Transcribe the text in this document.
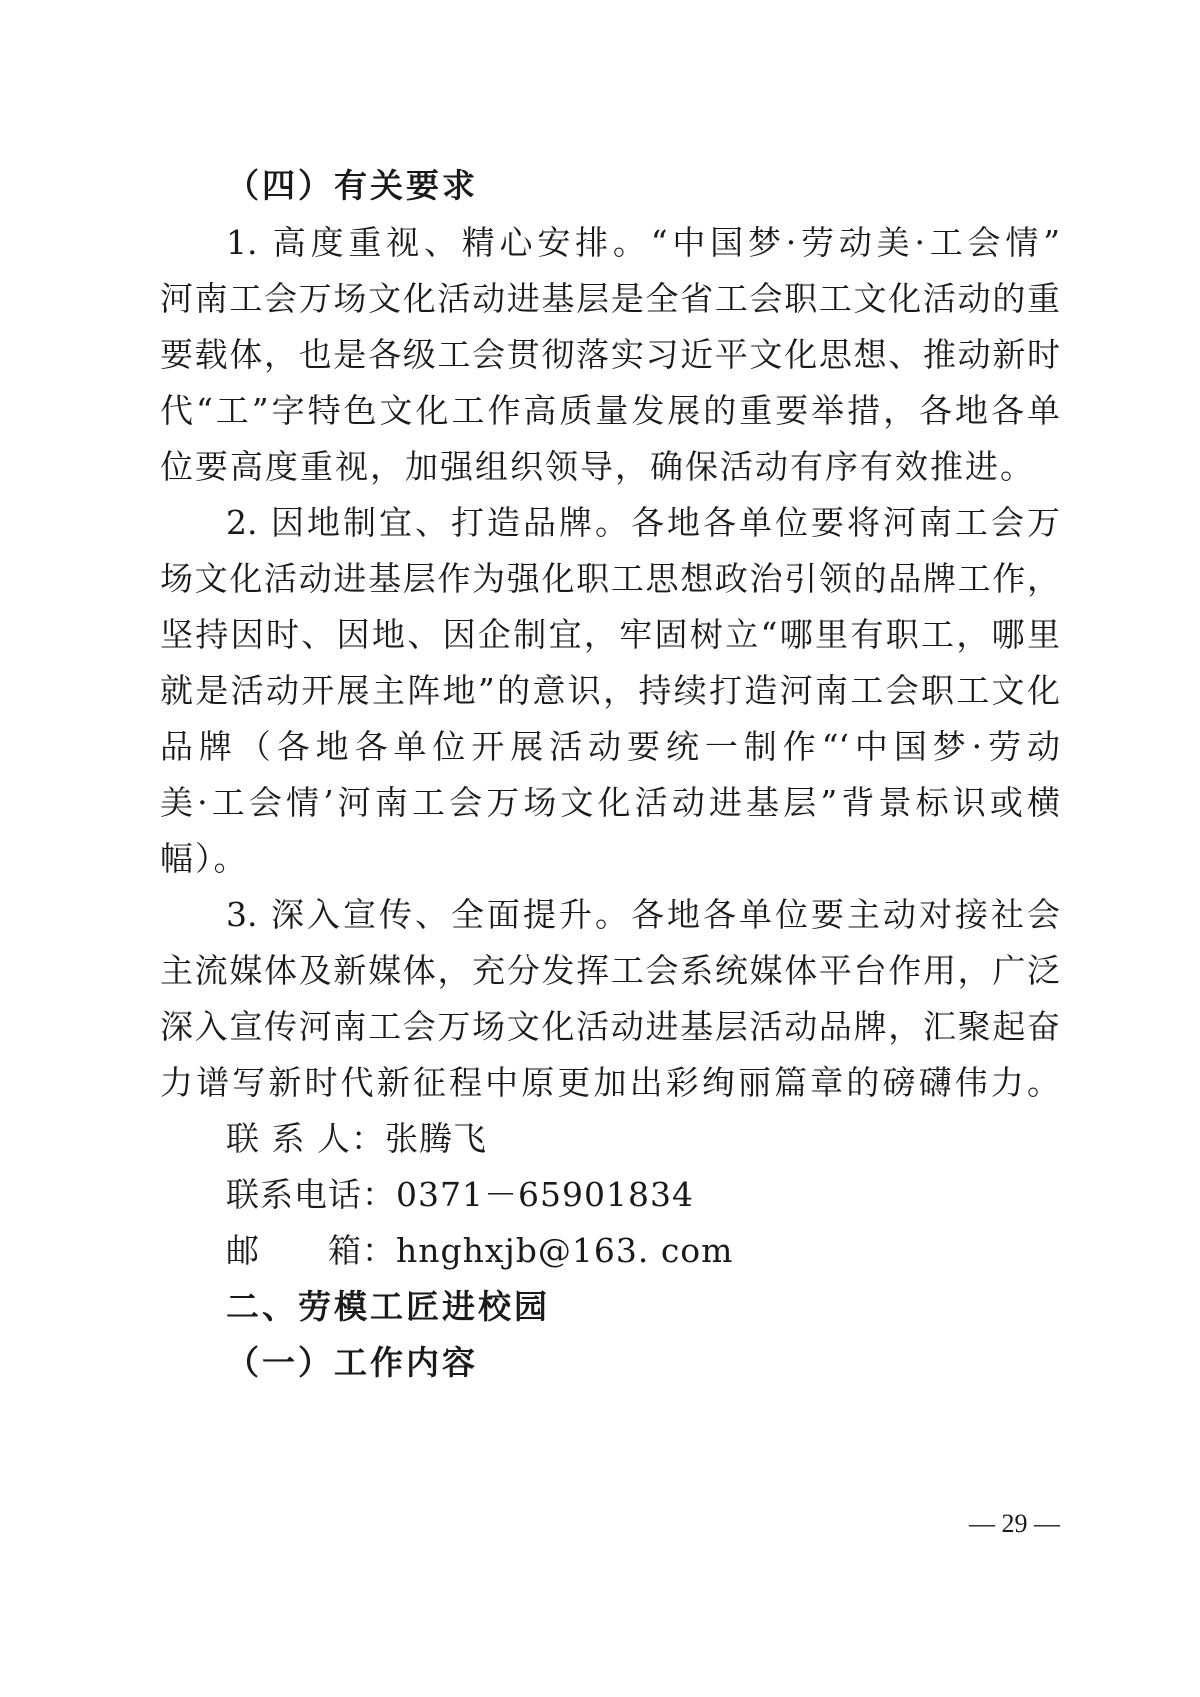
（四）有关要求
1. 高度重视、精心安排。“中国梦·劳动美·工会情”
河南工会万场文化活动进基层是全省工会职工文化活动的重
要载体，也是各级工会贯彻落实习近平文化思想、推动新时
代“工”字特色文化工作高质量发展的重要举措，各地各单
位要高度重视，加强组织领导，确保活动有序有效推进。
2. 因地制宜、打造品牌。各地各单位要将河南工会万
场文化活动进基层作为强化职工思想政治引领的品牌工作，
坚持因时、因地、因企制宜，牢固树立“哪里有职工，哪里
就是活动开展主阵地”的意识，持续打造河南工会职工文化
品牌（各地各单位开展活动要统一制作“‘中国梦·劳动
美·工会情’河南工会万场文化活动进基层”背景标识或横
幅）。
3. 深入宣传、全面提升。各地各单位要主动对接社会
主流媒体及新媒体，充分发挥工会系统媒体平台作用，广泛
深入宣传河南工会万场文化活动进基层活动品牌，汇聚起奋
力谱写新时代新征程中原更加出彩绚丽篇章的磅礴伟力。
联 系 人：张腾飞
联系电话：0371－65901834
邮　　箱：hnghxjb@163. com
二、劳模工匠进校园
（一）工作内容
— 29 —
